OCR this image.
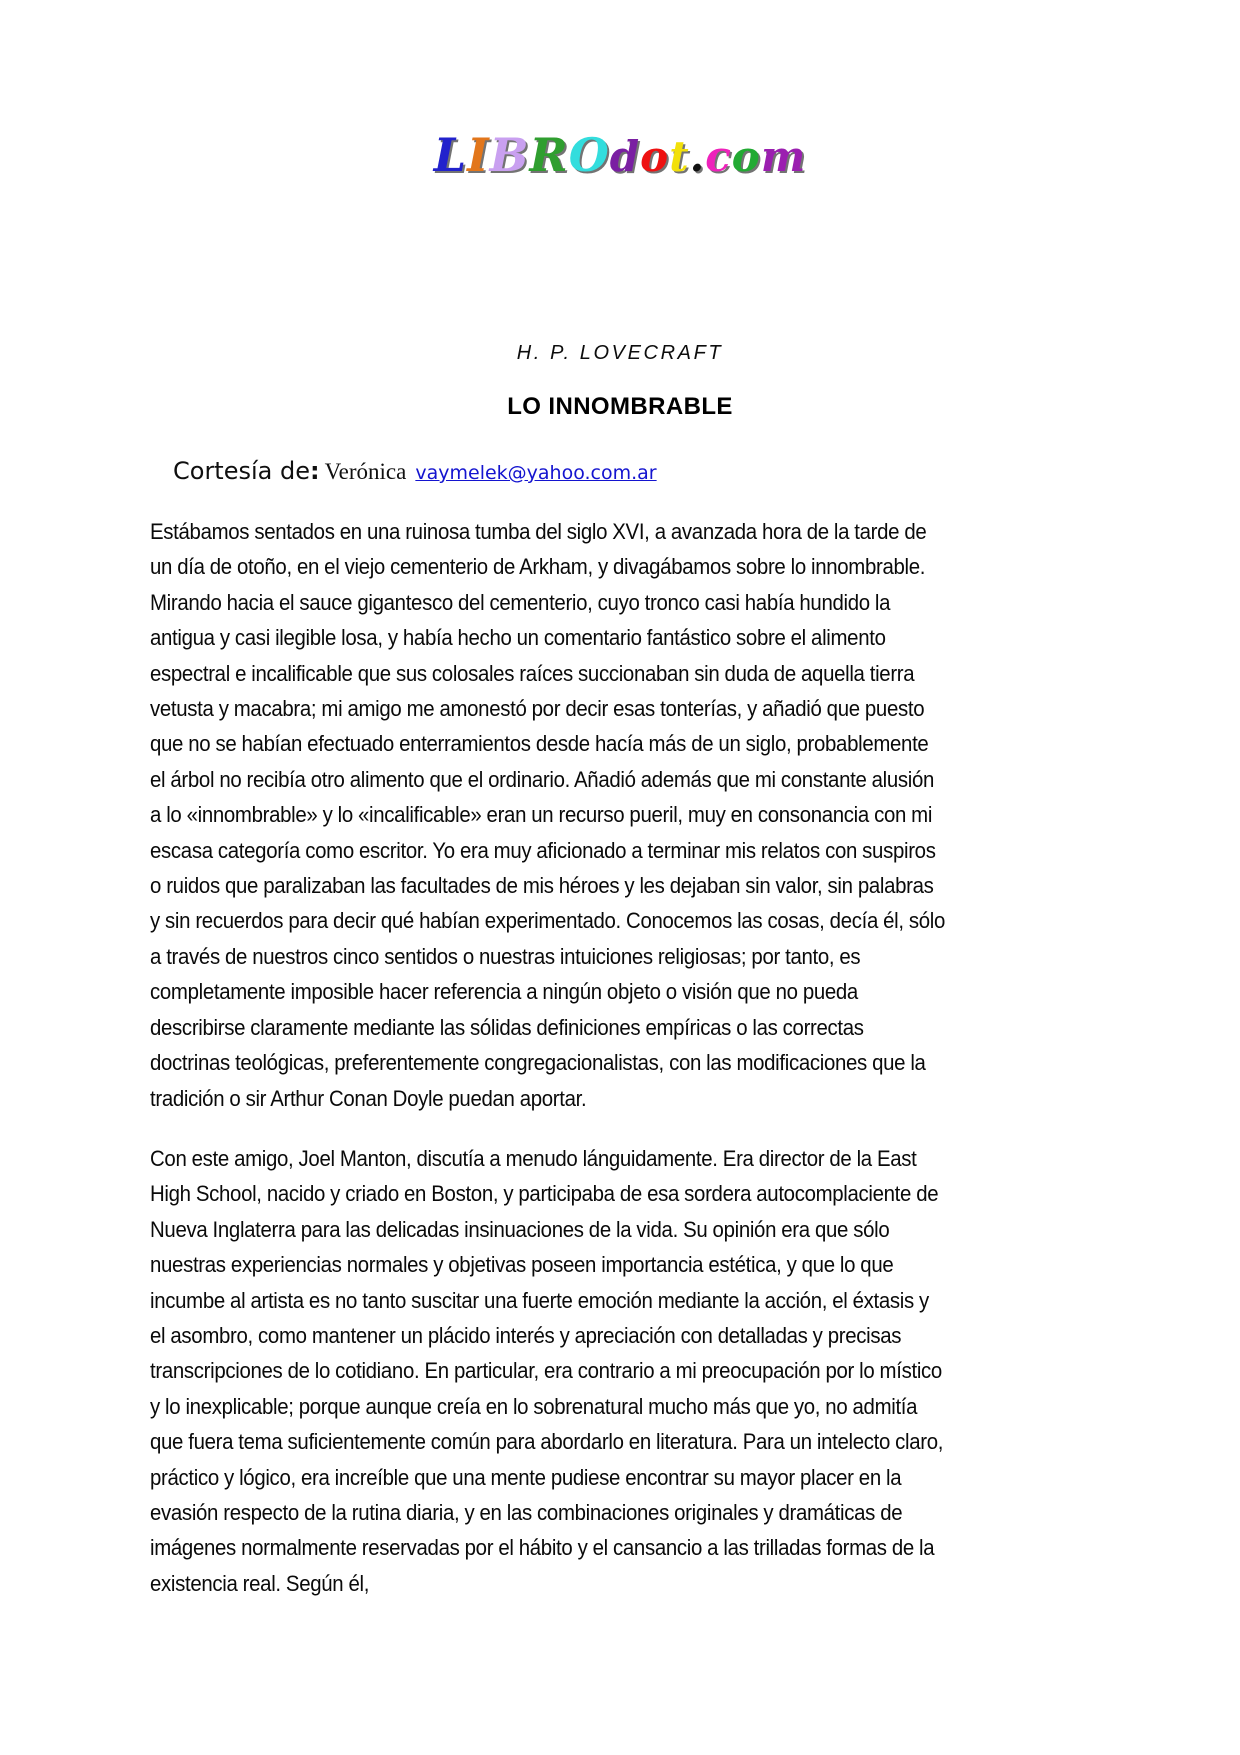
LIBROdot.com
H. P. LOVECRAFT
LO INNOMBRABLE
Cortesía de: Verónica vaymelek@yahoo.com.ar

Estábamos sentados en una ruinosa tumba del siglo XVI, a avanzada hora de la tarde de un día de otoño, en el viejo cementerio de Arkham, y divagábamos sobre lo innombrable. Mirando hacia el sauce gigantesco del cementerio, cuyo tronco casi había hundido la antigua y casi ilegible losa, y había hecho un comentario fantástico sobre el alimento espectral e incalificable que sus colosales raíces succionaban sin duda de aquella tierra vetusta y macabra; mi amigo me amonestó por decir esas tonterías, y añadió que puesto que no se habían efectuado enterramientos desde hacía más de un siglo, probablemente el árbol no recibía otro alimento que el ordinario. Añadió además que mi constante alusión a lo «innombrable» y lo «incalificable» eran un recurso pueril, muy en consonancia con mi escasa categoría como escritor. Yo era muy aficionado a terminar mis relatos con suspiros o ruidos que paralizaban las facultades de mis héroes y les dejaban sin valor, sin palabras y sin recuerdos para decir qué habían experimentado. Conocemos las cosas, decía él, sólo a través de nuestros cinco sentidos o nuestras intuiciones religiosas; por tanto, es completamente imposible hacer referencia a ningún objeto o visión que no pueda describirse claramente mediante las sólidas definiciones empíricas o las correctas doctrinas teológicas, preferentemente congregacionalistas, con las modificaciones que la tradición o sir Arthur Conan Doyle puedan aportar.

Con este amigo, Joel Manton, discutía a menudo lánguidamente. Era director de la East High School, nacido y criado en Boston, y participaba de esa sordera autocomplaciente de Nueva Inglaterra para las delicadas insinuaciones de la vida. Su opinión era que sólo nuestras experiencias normales y objetivas poseen importancia estética, y que lo que incumbe al artista es no tanto suscitar una fuerte emoción mediante la acción, el éxtasis y el asombro, como mantener un plácido interés y apreciación con detalladas y precisas transcripciones de lo cotidiano. En particular, era contrario a mi preocupación por lo místico y lo inexplicable; porque aunque creía en lo sobrenatural mucho más que yo, no admitía que fuera tema suficientemente común para abordarlo en literatura. Para un intelecto claro, práctico y lógico, era increíble que una mente pudiese encontrar su mayor placer en la evasión respecto de la rutina diaria, y en las combinaciones originales y dramáticas de imágenes normalmente reservadas por el hábito y el cansancio a las trilladas formas de la existencia real. Según él,
